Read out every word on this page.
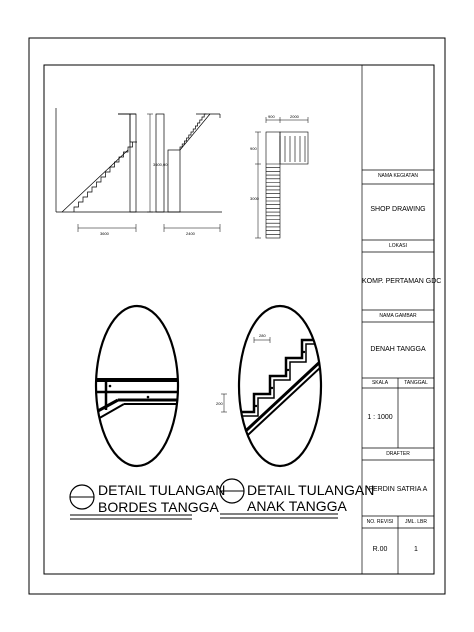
3600	2400
3600,00
900	2000
900
3000
280
200
DETAIL TULANGAN
BORDES TANGGA
DETAIL TULANGAN
ANAK TANGGA
NAMA KEGIATAN
SHOP DRAWING
LOKASI
KOMP. PERTAMAN GDC
NAMA GAMBAR
DENAH TANGGA
SKALA	TANGGAL
1 : 1000
DRAFTER
FERDIN SATRIA A
NO. REVISI	JML. LBR
R.00	1
